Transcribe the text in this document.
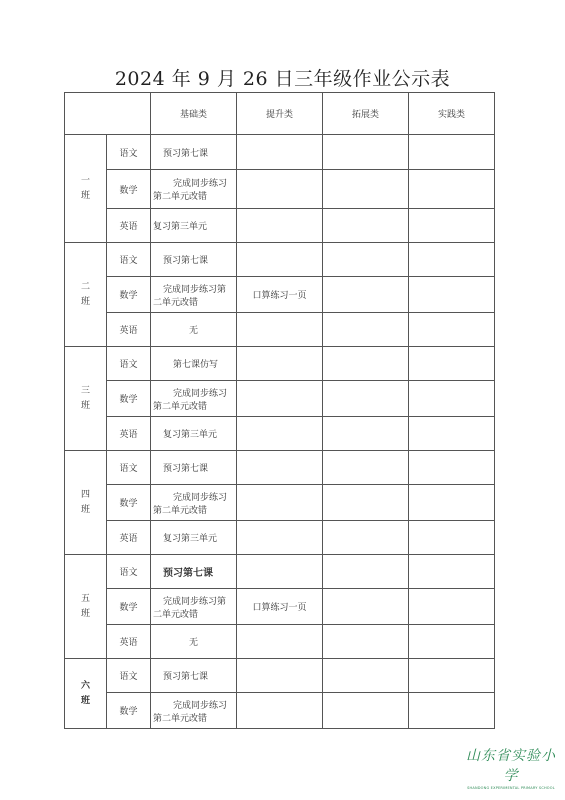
2024 年 9 月 26 日三年级作业公示表
		基础类	提升类	拓展类	实践类

一
班	语文	预习第七课			

	数学	完成同步练习
第二单元改错			

	英语	复习第三单元			

二
班	语文	预习第七课			

	数学	完成同步练习第
二单元改错	口算练习一页		
	英语	无			

三
班	语文	第七课仿写			

	数学	完成同步练习
第二单元改错			

	英语	复习第三单元			

四
班	语文	预习第七课			

	数学	完成同步练习
第二单元改错			

	英语	复习第三单元			

五
班	语文	预习第七课			

	数学	完成同步练习第
二单元改错	口算练习一页		
	英语	无			

六
班	语文	预习第七课			

	数学	完成同步练习
第二单元改错			

山东省实验小学
SHANDONG EXPERIMENTAL PRIMARY SCHOOL
